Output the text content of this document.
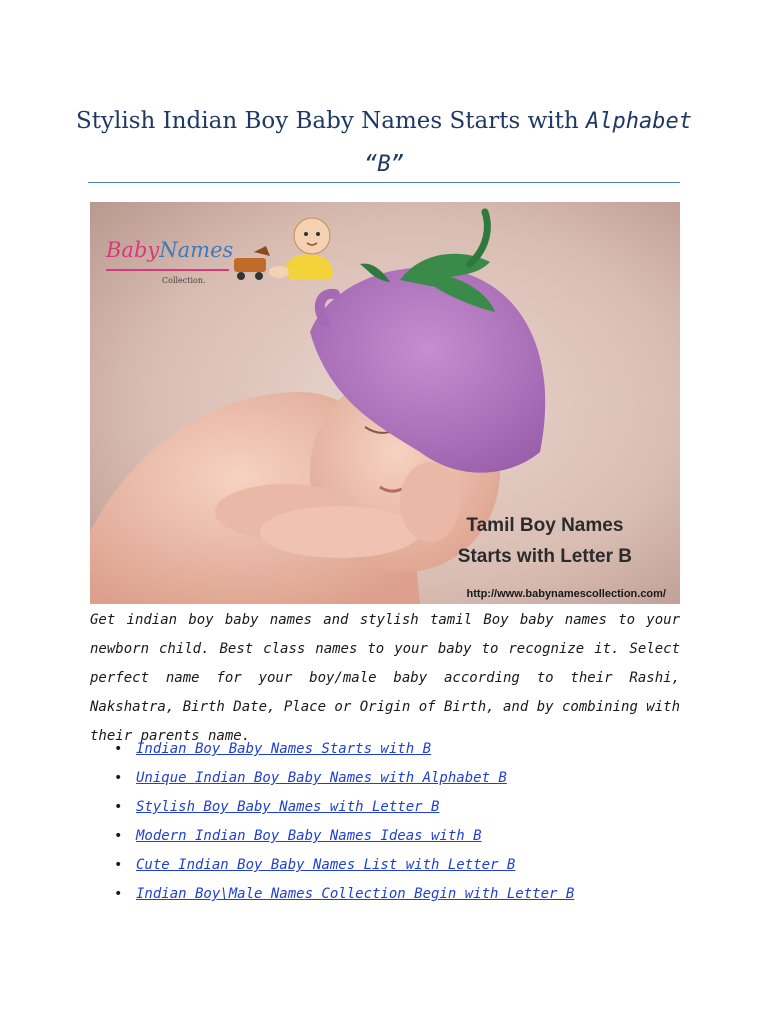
Stylish Indian Boy Baby Names Starts with Alphabet
“B”
BabyNames
Collection.
Tamil Boy Names
Starts with Letter B
http://www.babynamescollection.com/

Get indian boy baby names and stylish tamil Boy baby names to your newborn child. Best class names to your baby to recognize it. Select perfect name for your boy/male baby according to their Rashi, Nakshatra, Birth Date, Place or Origin of Birth, and by combining with their parents name.

• Indian Boy Baby Names Starts with B
• Unique Indian Boy Baby Names with Alphabet B
• Stylish Boy Baby Names with Letter B
• Modern Indian Boy Baby Names Ideas with B
• Cute Indian Boy Baby Names List with Letter B
• Indian Boy\Male Names Collection Begin with Letter B
